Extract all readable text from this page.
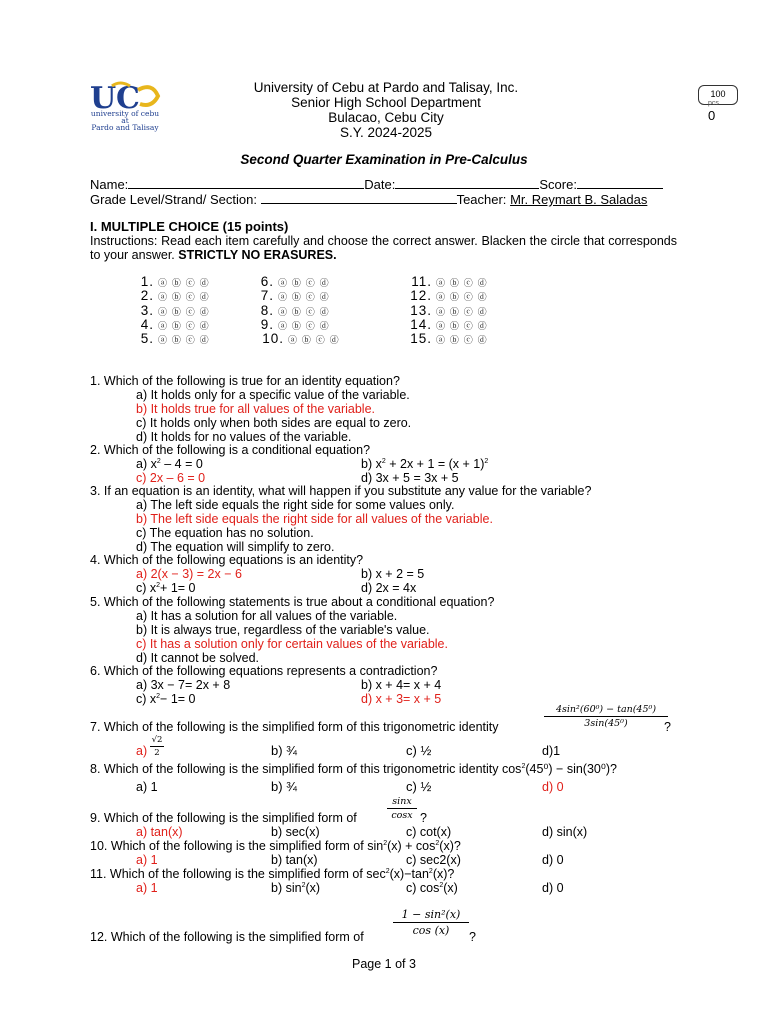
U C
university of cebu
at
Pardo and Talisay
University of Cebu at Pardo and Talisay, Inc.
Senior High School Department
Bulacao, Cebu City
S.Y. 2024-2025
100
pcs
0
Second Quarter Examination in Pre-Calculus
Name:	Date:	Score:
Grade Level/Strand/ Section:	Teacher: Mr. Reymart B. Saladas
I. MULTIPLE CHOICE (15 points)
Instructions: Read each item carefully and choose the correct answer. Blacken the circle that corresponds to your answer. STRICTLY NO ERASURES.
1. ⓐ ⓑ ⓒ ⓓ
2. ⓐ ⓑ ⓒ ⓓ
3. ⓐ ⓑ ⓒ ⓓ
4. ⓐ ⓑ ⓒ ⓓ
5. ⓐ ⓑ ⓒ ⓓ
6. ⓐ ⓑ ⓒ ⓓ
7. ⓐ ⓑ ⓒ ⓓ
8. ⓐ ⓑ ⓒ ⓓ
9. ⓐ ⓑ ⓒ ⓓ
10. ⓐ ⓑ ⓒ ⓓ
11. ⓐ ⓑ ⓒ ⓓ
12. ⓐ ⓑ ⓒ ⓓ
13. ⓐ ⓑ ⓒ ⓓ
14. ⓐ ⓑ ⓒ ⓓ
15. ⓐ ⓑ ⓒ ⓓ
1. Which of the following is true for an identity equation?
a) It holds only for a specific value of the variable.
b) It holds true for all values of the variable.
c) It holds only when both sides are equal to zero.
d) It holds for no values of the variable.
2. Which of the following is a conditional equation?
a) $x^2 - 4 = 0$	b) $x^2 + 2x + 1 = (x + 1)^2$
c) 2x – 6 = 0	d) 3x + 5 = 3x + 5
3. If an equation is an identity, what will happen if you substitute any value for the variable?
a) The left side equals the right side for some values only.
b) The left side equals the right side for all values of the variable.
c) The equation has no solution.
d) The equation will simplify to zero.
4. Which of the following equations is an identity?
a) 2(x − 3) = 2x − 6	b) x + 2 = 5
c) $x^2+ 1= 0$	d) 2x = 4x
5. Which of the following statements is true about a conditional equation?
a) It has a solution for all values of the variable.
b) It is always true, regardless of the variable's value.
c) It has a solution only for certain values of the variable.
d) It cannot be solved.
6. Which of the following equations represents a contradiction?
a) 3x − 7= 2x + 8	b) x + 4= x + 4
c) $x^2- 1= 0$	d) x + 3= x + 5
7. Which of the following is the simplified form of this trigonometric identity
4sin²(60⁰) − tan(45⁰)
3sin(45⁰)	?
a)
√2
2	b) ¾	c) ½	d)1
8. Which of the following is the simplified form of this trigonometric identity $\cos^2(45^0) - \sin(30^0)$?
a) 1	b) ¾	c) ½	d) 0
9. Which of the following is the simplified form of
sinx
cosx ?
a) tan(x)	b) sec(x)	c) cot(x)	d) sin(x)
10. Which of the following is the simplified form of $\sin^2(x) + \cos^2(x)$?
a) 1	b) tan(x)	c) sec2(x)	d) 0
11. Which of the following is the simplified form of $\sec^2(x)-\tan^2(x)$?
a) 1	b) $\sin^2(x)$	c) $\cos^2(x)$	d) 0
12. Which of the following is the simplified form of
1 − sin²(x)
cos (x)	?
Page 1 of 3
